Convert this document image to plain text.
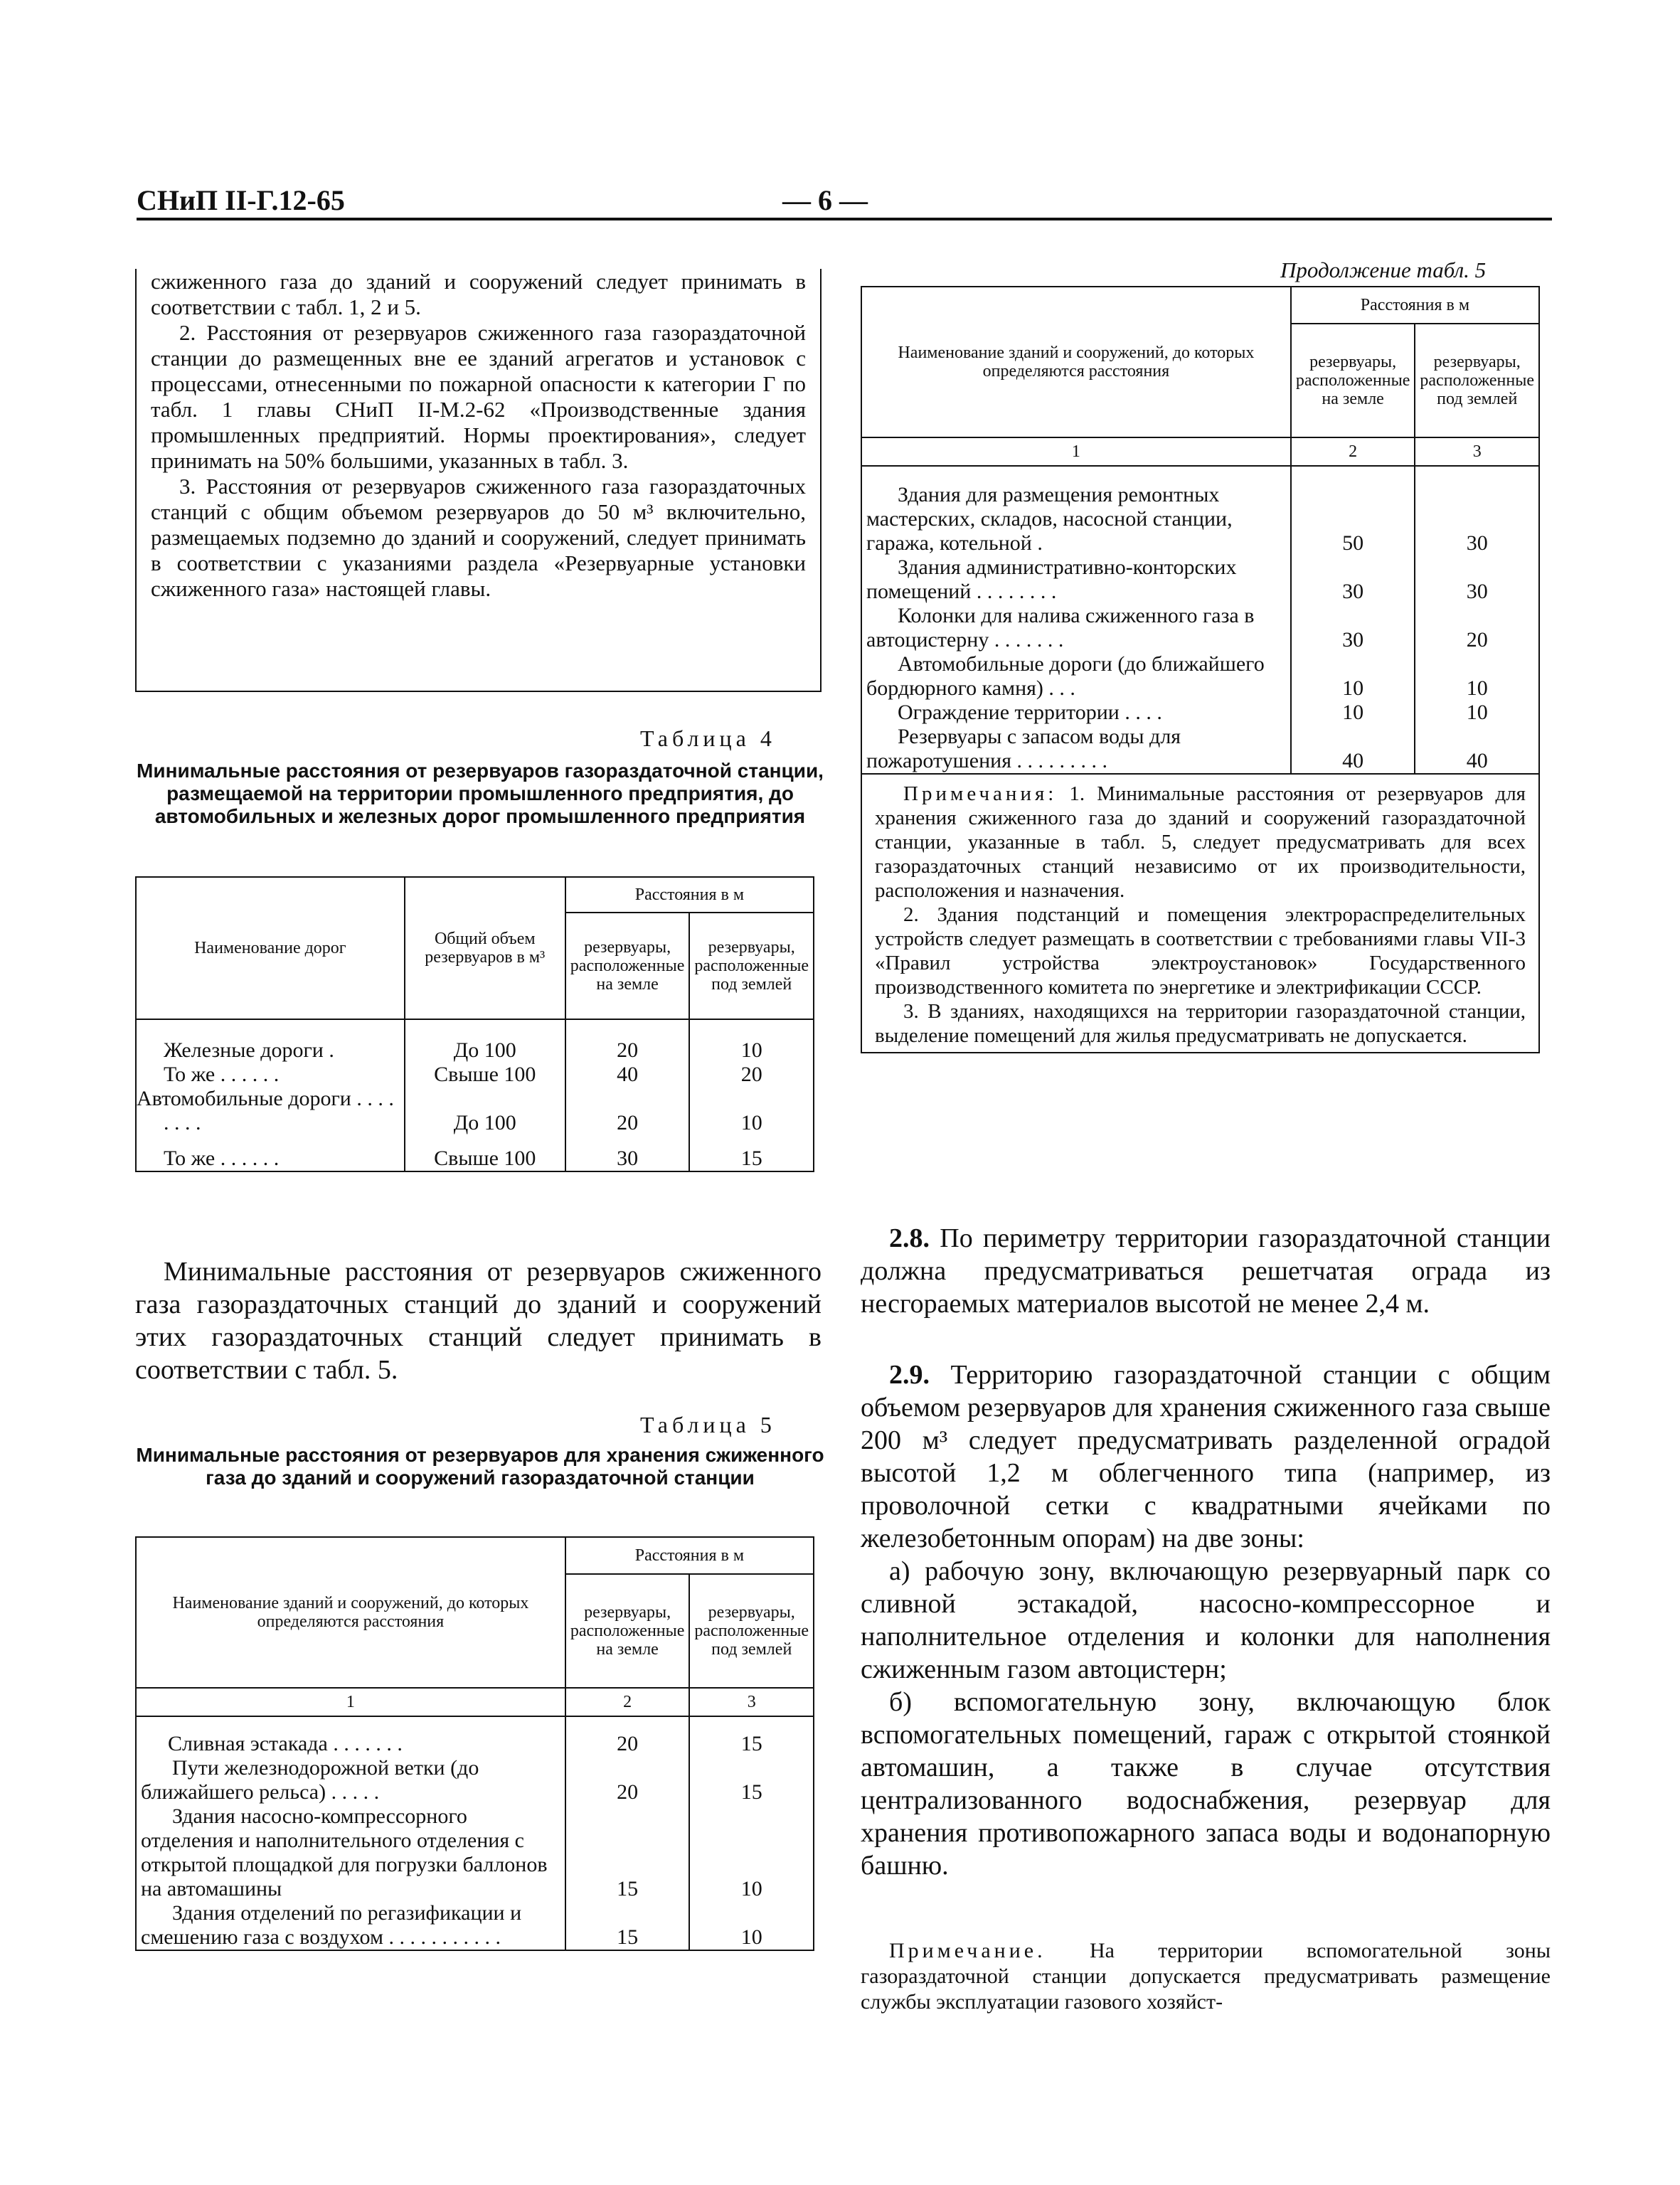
СНиП II-Г.12-65	— 6 —

сжиженного газа до зданий и сооружений следует принимать в соответствии с табл. 1, 2 и 5.

2. Расстояния от резервуаров сжиженного газа газораздаточной станции до размещенных вне ее зданий агрегатов и установок с процессами, отнесенными по пожарной опасности к категории Г по табл. 1 главы СНиП II-М.2-62 «Производственные здания промышленных предприятий. Нормы проектирования», следует принимать на 50% большими, указанных в табл. 3.

3. Расстояния от резервуаров сжиженного газа газораздаточных станций с общим объемом резервуаров до 50 м³ включительно, размещаемых подземно до зданий и сооружений, следует принимать в соответствии с указаниями раздела «Резервуарные установки сжиженного газа» настоящей главы.

Таблица 4
Минимальные расстояния от резервуаров газораздаточной станции, размещаемой на территории промышленного предприятия, до автомобильных и железных дорог промышленного предприятия
Наименование дорог	Общий объем резервуаров в м³	Расстояния в м	
		резервуары, расположенные на земле	резервуары, расположенные под землей
Железные дороги .	До 100	20	10
То же . . . . . .	Свыше 100	40	20
Автомобильные дороги . . . . . . . .	До 100	20	10
То же . . . . . .	Свыше 100	30	15

Минимальные расстояния от резервуаров сжиженного газа газораздаточных станций до зданий и сооружений этих газораздаточных станций следует принимать в соответствии с табл. 5.

Таблица 5
Минимальные расстояния от резервуаров для хранения сжиженного газа до зданий и сооружений газораздаточной станции
Наименование зданий и сооружений, до которых определяются расстояния	Расстояния в м	
	резервуары, расположенные на земле	резервуары, расположенные под землей
1	2	3
Сливная эстакада . . . . . . .	20	15
Пути железнодорожной ветки (до ближайшего рельса) . . . . .	20	15
Здания насосно-компрессорного отделения и наполнительного отделения с открытой площадкой для погрузки баллонов на автомашины	15	10
Здания отделений по регазификации и смешению газа с воздухом . . . . . . . . . . .	15	10
Продолжение табл. 5
Наименование зданий и сооружений, до которых определяются расстояния	Расстояния в м	
	резервуары, расположенные на земле	резервуары, расположенные под землей
1	2	3
Здания для размещения ремонтных мастерских, складов, насосной станции, гаража, котельной .	50	30
Здания административно-конторских помещений . . . . . . . .	30	30
Колонки для налива сжиженного газа в автоцистерну . . . . . . .	30	20
Автомобильные дороги (до ближайшего бордюрного камня) . . .	10	10
Ограждение территории . . . .	10	10
Резервуары с запасом воды для пожаротушения . . . . . . . . .	40	40

Примечания: 1. Минимальные расстояния от резервуаров для хранения сжиженного газа до зданий и сооружений газораздаточной станции, указанные в табл. 5, следует предусматривать для всех газораздаточных станций независимо от их производительности, расположения и назначения.
2. Здания подстанций и помещения электрораспределительных устройств следует размещать в соответствии с требованиями главы VII-3 «Правил устройства электроустановок» Государственного производственного комитета по энергетике и электрификации СССР.
3. В зданиях, находящихся на территории газораздаточной станции, выделение помещений для жилья предусматривать не допускается.		

2.8. По периметру территории газораздаточной станции должна предусматриваться решетчатая ограда из несгораемых материалов высотой не менее 2,4 м.

2.9. Территорию газораздаточной станции с общим объемом резервуаров для хранения сжиженного газа свыше 200 м³ следует предусматривать разделенной оградой высотой 1,2 м облегченного типа (например, из проволочной сетки с квадратными ячейками по железобетонным опорам) на две зоны:

а) рабочую зону, включающую резервуарный парк со сливной эстакадой, насосно-компрессорное и наполнительное отделения и колонки для наполнения сжиженным газом автоцистерн;

б) вспомогательную зону, включающую блок вспомогательных помещений, гараж с открытой стоянкой автомашин, а также в случае отсутствия централизованного водоснабжения, резервуар для хранения противопожарного запаса воды и водонапорную башню.

Примечание. На территории вспомогательной зоны газораздаточной станции допускается предусматривать размещение службы эксплуатации газового хозяйст-
